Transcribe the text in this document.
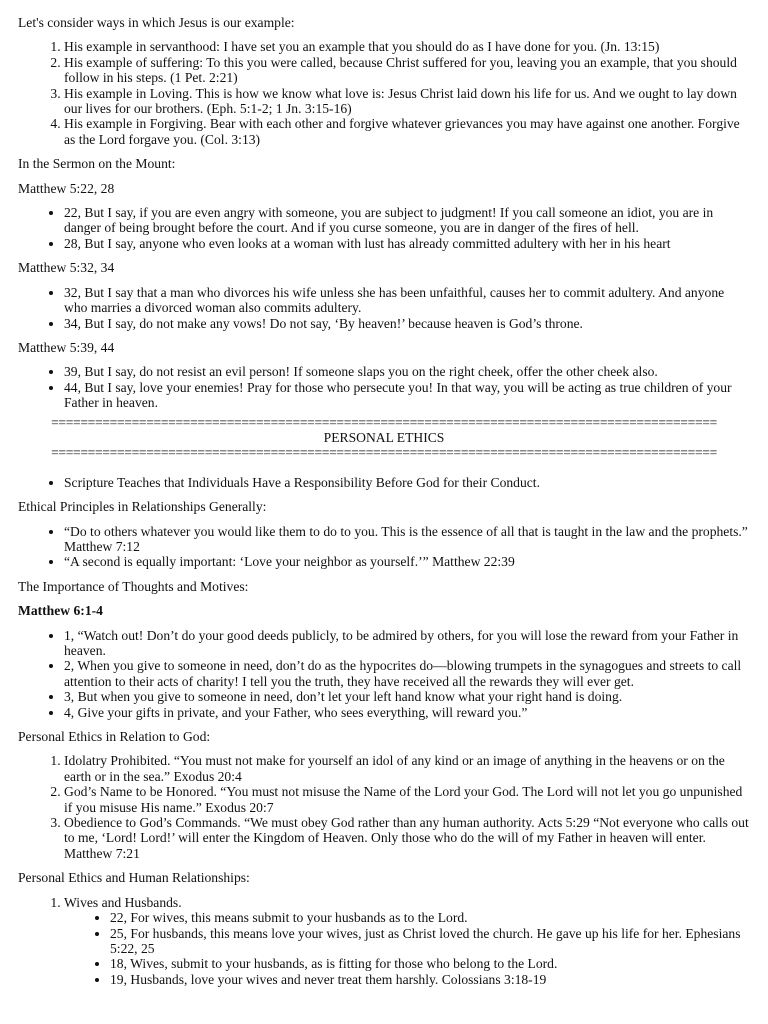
Let's consider ways in which Jesus is our example:

1. His example in servanthood: I have set you an example that you should do as I have done for you. (Jn. 13:15)
2. His example of suffering: To this you were called, because Christ suffered for you, leaving you an example, that you should follow in his steps. (1 Pet. 2:21)
3. His example in Loving. This is how we know what love is: Jesus Christ laid down his life for us. And we ought to lay down our lives for our brothers. (Eph. 5:1-2; 1 Jn. 3:15-16)
4. His example in Forgiving. Bear with each other and forgive whatever grievances you may have against one another. Forgive as the Lord forgave you. (Col. 3:13)

In the Sermon on the Mount:

Matthew 5:22, 28

• 22, But I say, if you are even angry with someone, you are subject to judgment! If you call someone an idiot, you are in danger of being brought before the court. And if you curse someone, you are in danger of the fires of hell.
• 28, But I say, anyone who even looks at a woman with lust has already committed adultery with her in his heart

Matthew 5:32, 34

• 32, But I say that a man who divorces his wife unless she has been unfaithful, causes her to commit adultery. And anyone who marries a divorced woman also commits adultery.
• 34, But I say, do not make any vows! Do not say, ‘By heaven!’ because heaven is God’s throne.

Matthew 5:39, 44

• 39, But I say, do not resist an evil person! If someone slaps you on the right cheek, offer the other cheek also.
• 44, But I say, love your enemies! Pray for those who persecute you! In that way, you will be acting as true children of your Father in heaven.

===========================================================================================

PERSONAL ETHICS

===========================================================================================

• Scripture Teaches that Individuals Have a Responsibility Before God for their Conduct.

Ethical Principles in Relationships Generally:

• “Do to others whatever you would like them to do to you. This is the essence of all that is taught in the law and the prophets.” Matthew 7:12
• “A second is equally important: ‘Love your neighbor as yourself.’” Matthew 22:39

The Importance of Thoughts and Motives:

Matthew 6:1-4

• 1, “Watch out! Don’t do your good deeds publicly, to be admired by others, for you will lose the reward from your Father in heaven.
• 2, When you give to someone in need, don’t do as the hypocrites do—blowing trumpets in the synagogues and streets to call attention to their acts of charity! I tell you the truth, they have received all the rewards they will ever get.
• 3, But when you give to someone in need, don’t let your left hand know what your right hand is doing.
• 4, Give your gifts in private, and your Father, who sees everything, will reward you.”

Personal Ethics in Relation to God:

1. Idolatry Prohibited. “You must not make for yourself an idol of any kind or an image of anything in the heavens or on the earth or in the sea.” Exodus 20:4
2. God’s Name to be Honored. “You must not misuse the Name of the Lord your God. The Lord will not let you go unpunished if you misuse His name.” Exodus 20:7
3. Obedience to God’s Commands. “We must obey God rather than any human authority. Acts 5:29 “Not everyone who calls out to me, ‘Lord! Lord!’ will enter the Kingdom of Heaven. Only those who do the will of my Father in heaven will enter. Matthew 7:21

Personal Ethics and Human Relationships:

1. Wives and Husbands.
• 22, For wives, this means submit to your husbands as to the Lord.
• 25, For husbands, this means love your wives, just as Christ loved the church. He gave up his life for her. Ephesians 5:22, 25
• 18, Wives, submit to your husbands, as is fitting for those who belong to the Lord.
• 19, Husbands, love your wives and never treat them harshly. Colossians 3:18-19
